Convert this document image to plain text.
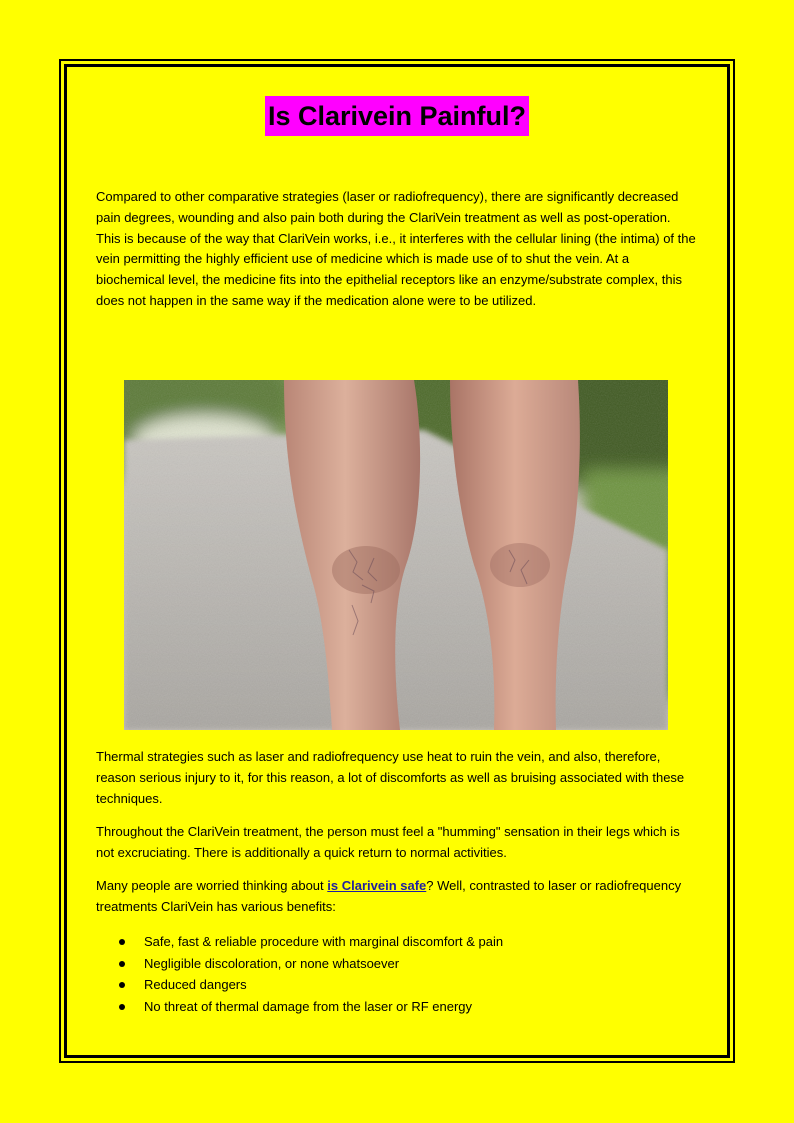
Is Clarivein Painful?

Compared to other comparative strategies (laser or radiofrequency), there are significantly decreased pain degrees, wounding and also pain both during the ClariVein treatment as well as post-operation. This is because of the way that ClariVein works, i.e., it interferes with the cellular lining (the intima) of the vein permitting the highly efficient use of medicine which is made use of to shut the vein. At a biochemical level, the medicine fits into the epithelial receptors like an enzyme/substrate complex, this does not happen in the same way if the medication alone were to be utilized.

Thermal strategies such as laser and radiofrequency use heat to ruin the vein, and also, therefore, reason serious injury to it, for this reason, a lot of discomforts as well as bruising associated with these techniques.

Throughout the ClariVein treatment, the person must feel a "humming" sensation in their legs which is not excruciating. There is additionally a quick return to normal activities.

Many people are worried thinking about is Clarivein safe? Well, contrasted to laser or radiofrequency treatments ClariVein has various benefits:

Safe, fast & reliable procedure with marginal discomfort & pain
Negligible discoloration, or none whatsoever
Reduced dangers
No threat of thermal damage from the laser or RF energy
